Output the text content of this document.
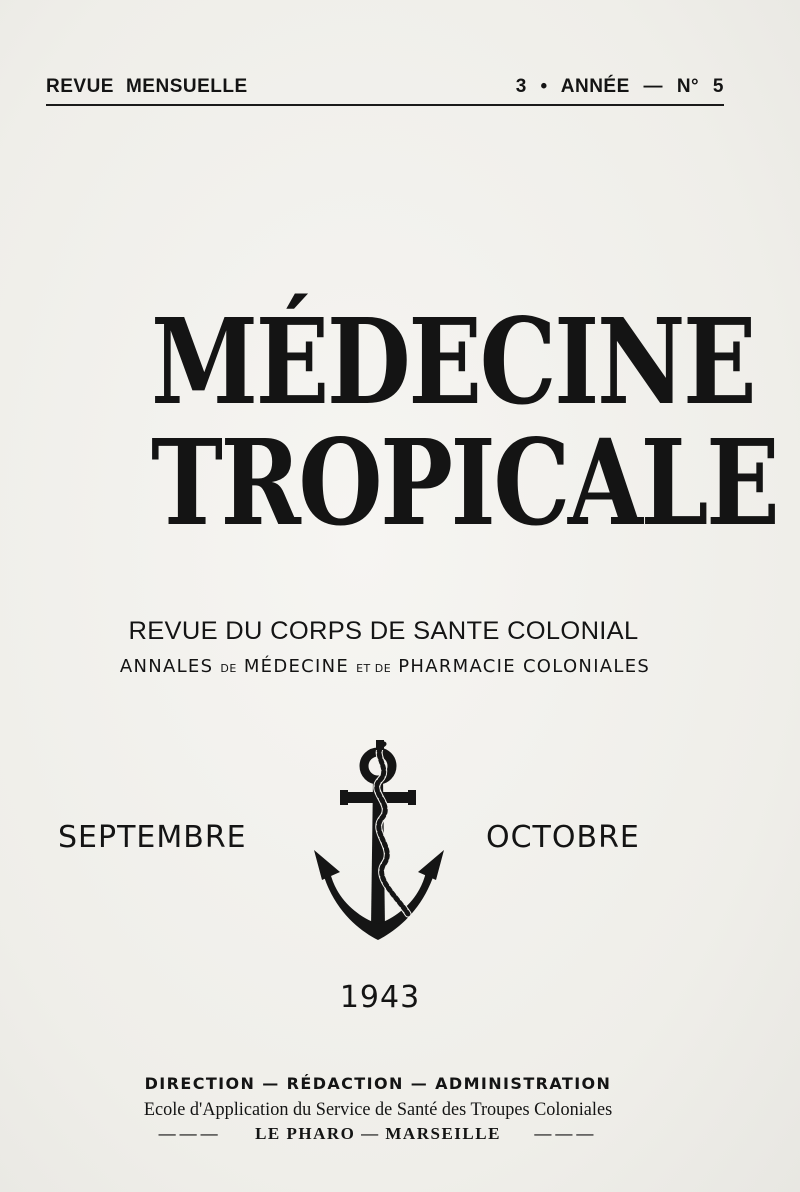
REVUE MENSUELLE	3 • ANNÉE — N° 5
MÉDECINE
TROPICALE
REVUE DU CORPS DE SANTE COLONIAL
ANNALES DE MÉDECINE ET DE PHARMACIE COLONIALES
SEPTEMBRE	OCTOBRE
1943
DIRECTION — RÉDACTION — ADMINISTRATION
Ecole d'Application du Service de Santé des Troupes Coloniales
——— LE PHARO — MARSEILLE ———
